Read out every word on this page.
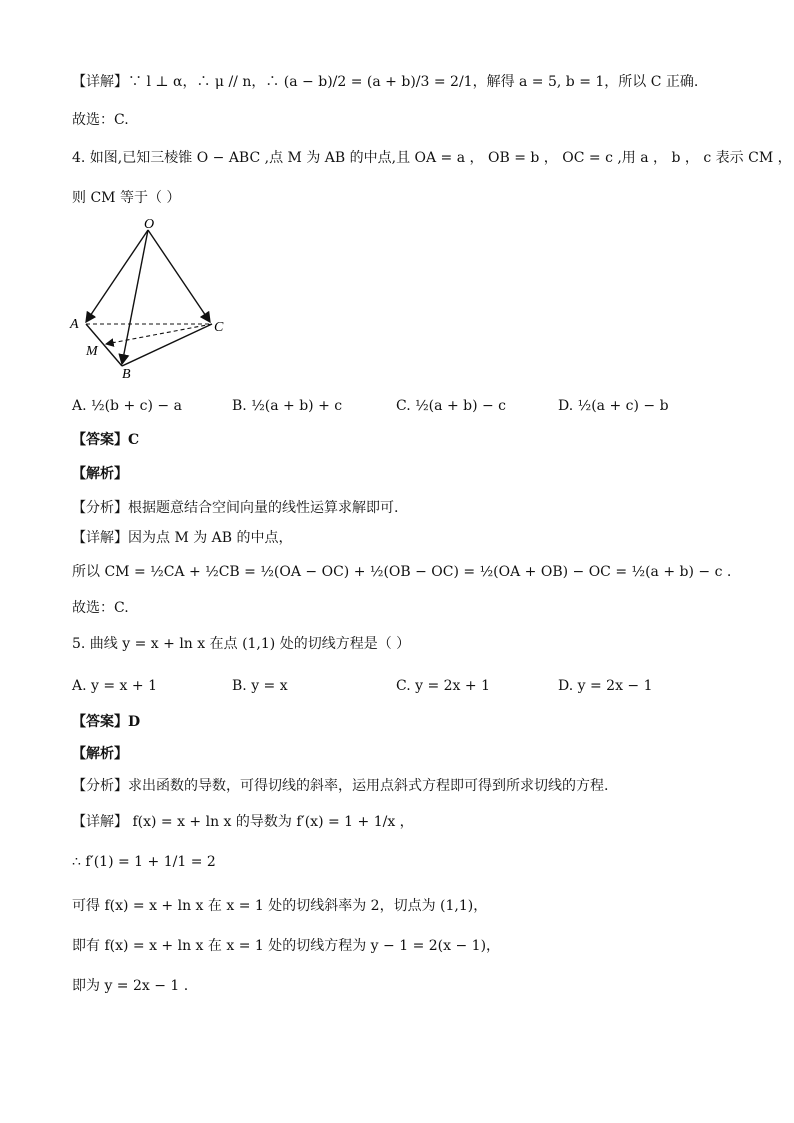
【详解】∵ l ⊥ α，∴ μ // n，∴ (a − b)/2 = (a + b)/3 = 2/1，解得 a = 5, b = 1，所以 C 正确.
故选：C.
4. 如图,已知三棱锥 O − ABC ,点 M 为 AB 的中点,且 OA = a ， OB = b ， OC = c ,用 a ， b ， c 表示 CM ，
则 CM 等于（ ）
O
A
M
B
C
A. ½(b + c) − a	B. ½(a + b) + c	C. ½(a + b) − c	D. ½(a + c) − b
【答案】C
【解析】
【分析】根据题意结合空间向量的线性运算求解即可.
【详解】因为点 M 为 AB 的中点，
所以 CM = ½CA + ½CB = ½(OA − OC) + ½(OB − OC) = ½(OA + OB) − OC = ½(a + b) − c .
故选：C.
5. 曲线 y = x + ln x 在点 (1,1) 处的切线方程是（ ）
A. y = x + 1	B. y = x	C. y = 2x + 1	D. y = 2x − 1
【答案】D
【解析】
【分析】求出函数的导数，可得切线的斜率，运用点斜式方程即可得到所求切线的方程.
【详解】 f(x) = x + ln x 的导数为 f′(x) = 1 + 1/x ，
∴ f′(1) = 1 + 1/1 = 2
可得 f(x) = x + ln x 在 x = 1 处的切线斜率为 2，切点为 (1,1)，
即有 f(x) = x + ln x 在 x = 1 处的切线方程为 y − 1 = 2(x − 1)，
即为 y = 2x − 1 .
